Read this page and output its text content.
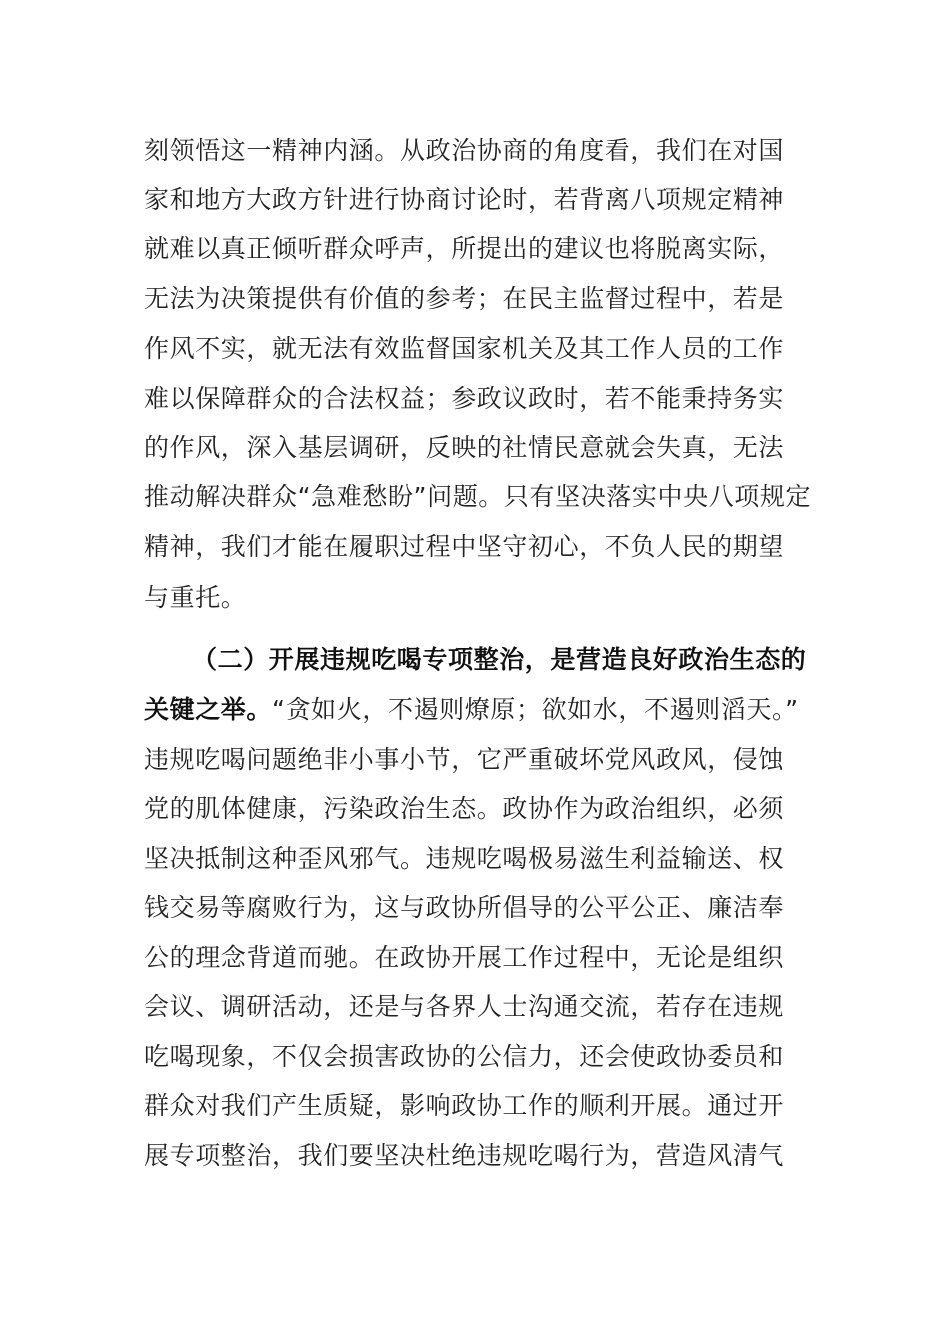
刻领悟这一精神内涵。从政治协商的角度看，我们在对国
家和地方大政方针进行协商讨论时，若背离八项规定精神
就难以真正倾听群众呼声，所提出的建议也将脱离实际，
无法为决策提供有价值的参考；在民主监督过程中，若是
作风不实，就无法有效监督国家机关及其工作人员的工作
难以保障群众的合法权益；参政议政时，若不能秉持务实
的作风，深入基层调研，反映的社情民意就会失真，无法
推动解决群众“急难愁盼”问题。只有坚决落实中央八项规定
精神，我们才能在履职过程中坚守初心，不负人民的期望
与重托。
（二）开展违规吃喝专项整治，是营造良好政治生态的
关键之举。“贪如火，不遏则燎原；欲如水，不遏则滔天。”
违规吃喝问题绝非小事小节，它严重破坏党风政风，侵蚀
党的肌体健康，污染政治生态。政协作为政治组织，必须
坚决抵制这种歪风邪气。违规吃喝极易滋生利益输送、权
钱交易等腐败行为，这与政协所倡导的公平公正、廉洁奉
公的理念背道而驰。在政协开展工作过程中，无论是组织
会议、调研活动，还是与各界人士沟通交流，若存在违规
吃喝现象，不仅会损害政协的公信力，还会使政协委员和
群众对我们产生质疑，影响政协工作的顺利开展。通过开
展专项整治，我们要坚决杜绝违规吃喝行为，营造风清气
